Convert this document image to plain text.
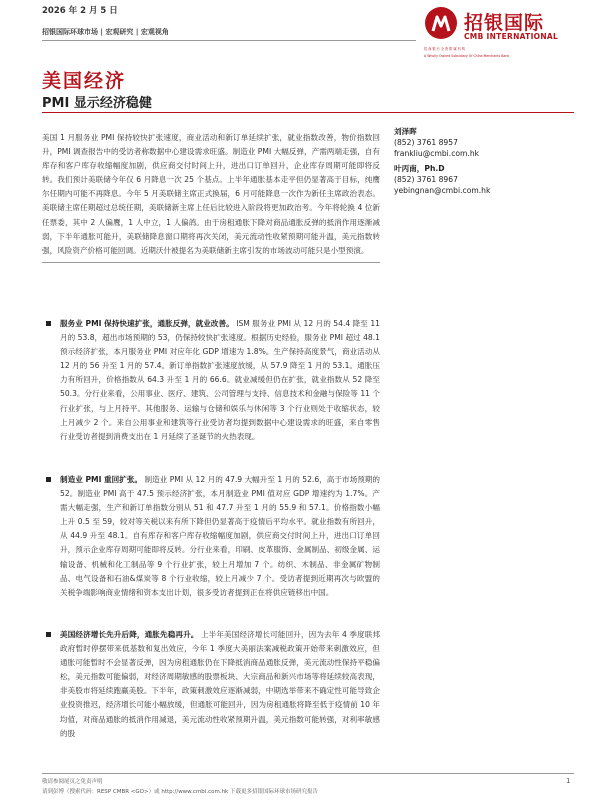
2026 年 2 月 5 日
招银国际环球市场 | 宏观研究 | 宏观视角	招银国际
CMB INTERNATIONAL
招 商 银 行 全 资 附 属 机 构
A Wholly Owned Subsidiary Of China Merchants Bank
美国经济
PMI 显示经济稳健
美国 1 月服务业 PMI 保持较快扩张速度，商业活动和新订单延续扩张，就业指数改善，物价指数回升，PMI 调查报告中的受访者称数据中心建设需求旺盛。制造业 PMI 大幅反弹，产需两端走强，自有库存和客户库存收缩幅度加剧，供应商交付时间上升，进出口订单回升，企业库存周期可能即将反转。我们预计美联储今年仅 6 月降息一次 25 个基点。上半年通胀基本走平但仍显著高于目标，纯鹰尔任期内可能不再降息。今年 5 月美联储主席正式换届，6 月可能降息一次作为新任主席政治表态。美联储主席任期超过总统任期，美联储新主席上任后比较进入阶段将更加政治考。今年将轮换 4 位新任票委，其中 2 人偏鹰，1 人中立，1 人偏鸽。由于房租通胀下降对商品通胀反弹的抵消作用逐渐减弱，下半年通胀可能升，美联储降息窗口期将再次关闭，美元流动性收紧预期可能升温，美元指数转强，风险资产价格可能回调。近期沃什被提名为美联储新主席引发的市场波动可能只是小型预演。
刘泽晖
(852) 3761 8957
frankliu@cmbi.com.hk
叶丙南，Ph.D
(852) 3761 8967
yebingnan@cmbi.com.hk
服务业 PMI 保持快速扩张，通胀反弹，就业改善。 ISM 服务业 PMI 从 12 月的 54.4 降至 11 月的 53.8，超出市场预期的 53，仍保持较快扩张速度。根据历史经验，服务业 PMI 超过 48.1 预示经济扩张，本月服务业 PMI 对应年化 GDP 增速为 1.8%。生产保持高度景气，商业活动从 12 月的 56 升至 1 月的 57.4。新订单指数扩张速度放缓，从 57.9 降至 1 月的 53.1。通胀压力有所回升，价格指数从 64.3 升至 1 月的 66.6。就业减缓但仍在扩张，就业指数从 52 降至 50.3。分行业来看，公用事业、医疗、建筑、公司管理与支持、信息技术和金融与保险等 11 个行业扩张，与上月持平。其他服务、运输与仓储和娱乐与休闲等 3 个行业则处于收缩状态，较上月减少 2 个。来自公用事业和建筑等行业受访者均提到数据中心建设需求的旺盛，来自零售行业受访者提到消费支出在 1 月延续了圣诞节的火热表现。
制造业 PMI 重回扩张。 制造业 PMI 从 12 月的 47.9 大幅升至 1 月的 52.6，高于市场预期的 52。制造业 PMI 高于 47.5 预示经济扩张，本月制造业 PMI 值对应 GDP 增速约为 1.7%。产需大幅走强，生产和新订单指数分别从 51 和 47.7 升至 1 月的 55.9 和 57.1。价格指数小幅上升 0.5 至 59，较对等关税以来有所下降但仍显著高于疫情后平均水平。就业指数有所回升，从 44.9 升至 48.1。自有库存和客户库存收缩幅度加剧，供应商交付时间上升，进出口订单回升，预示企业库存周期可能即将反转。分行业来看，印刷、皮革服饰、金属制品、初级金属、运输设备、机械和化工制品等 9 个行业扩张，较上月增加 7 个。纺织、木制品、非金属矿物制品、电气设备和石油&煤炭等 8 个行业收缩，较上月减少 7 个。受访者提到近期再次与欧盟的关税争端影响商业情绪和资本支出计划，很多受访者提到正在将供应链移出中国。
美国经济增长先升后降，通胀先稳再升。 上半年美国经济增长可能回升，因为去年 4 季度联邦政府暂时停摆带来低基数和复出效应，今年 1 季度大美丽法案减税政策开始带来刺激效应，但通胀可能暂时不会显著反弹，因为房租通胀仍在下降抵消商品通胀反弹，美元流动性保持平稳偏松，美元指数可能偏弱，对经济周期敏感的股票板块、大宗商品和新兴市场等将延续较高表现，非美股市将延续跑赢美股。下半年，政策刺激效应逐渐减弱，中期选举带来不确定性可能导致企业投资推迟，经济增长可能小幅放缓，但通胀可能回升，因为房租通胀将降至低于疫情前 10 年均值，对商品通胀的抵消作用减退，美元流动性收紧预期升温，美元指数可能转强，对利率敏感的股
敬请参阅尾页之免责声明
请到彭博（搜索代码：RESP CMBR <GO>）或 http://www.cmbi.com.hk 下载更多招银国际环球市场研究报告
1
